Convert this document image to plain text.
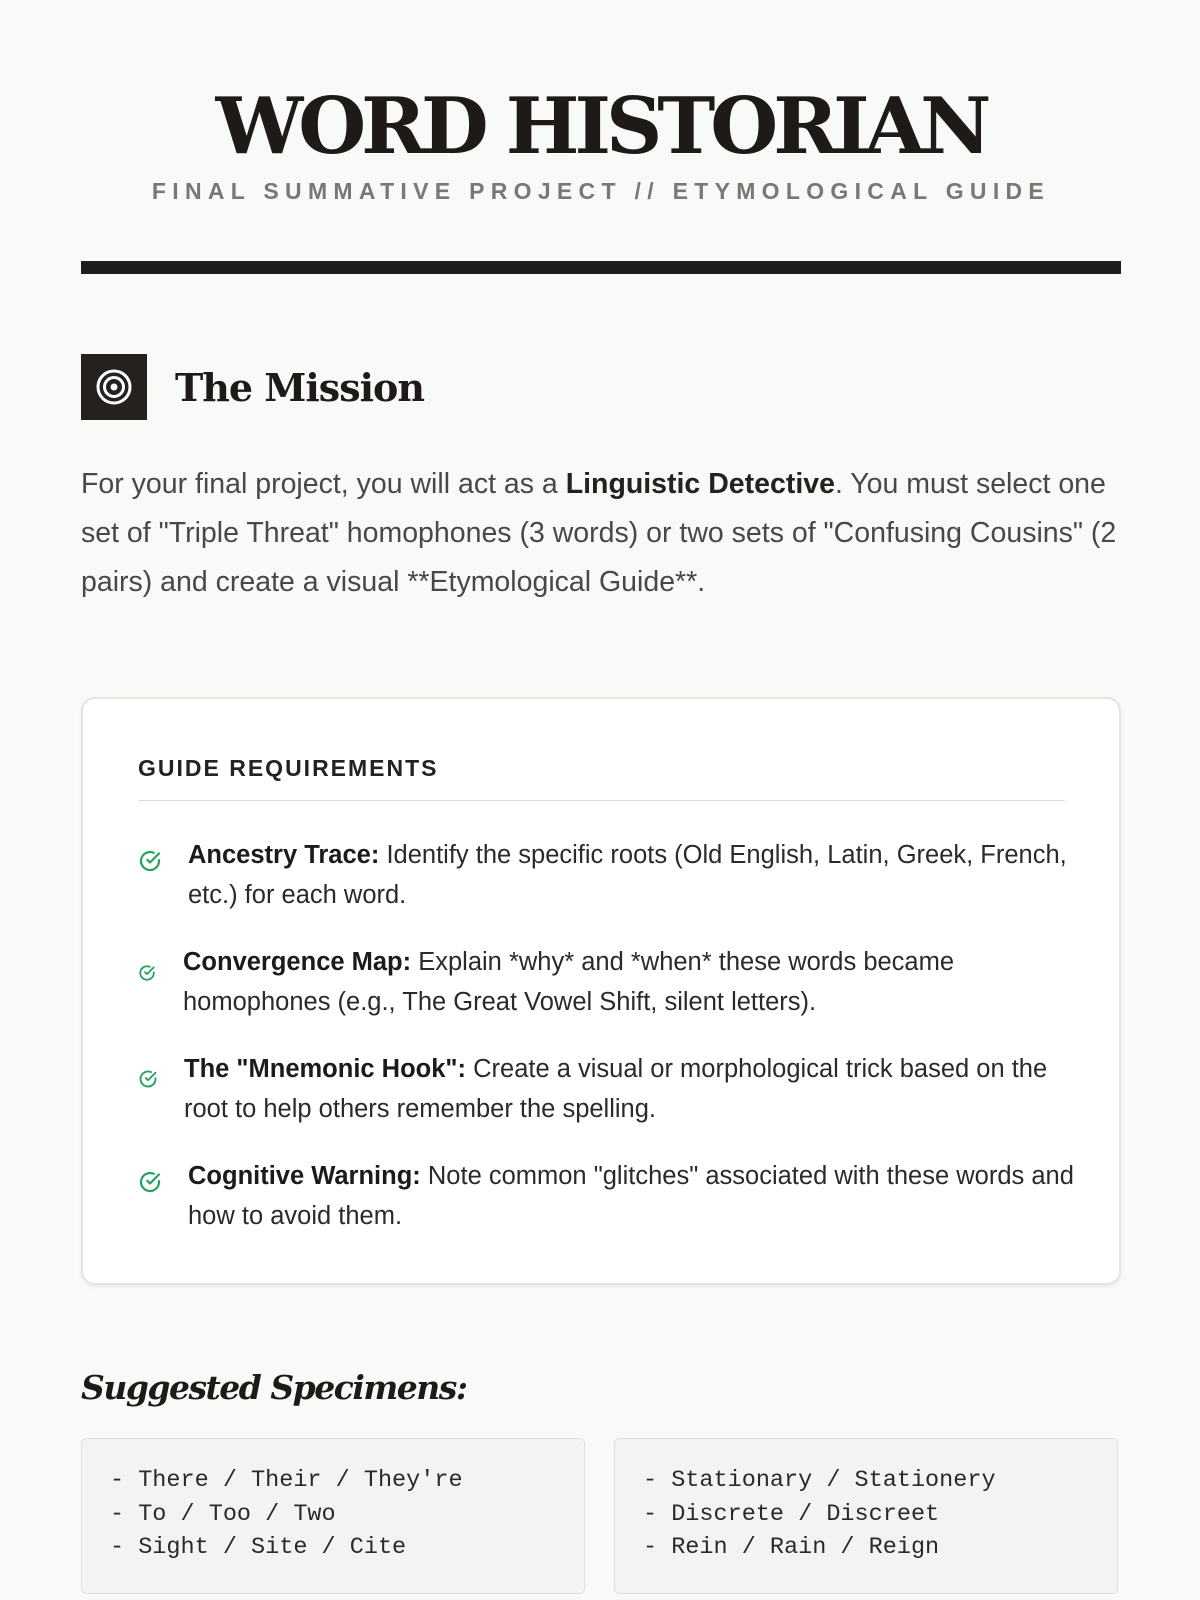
WORD HISTORIAN
FINAL SUMMATIVE PROJECT // ETYMOLOGICAL GUIDE
The Mission

For your final project, you will act as a Linguistic Detective. You must select one set of "Triple Threat" homophones (3 words) or two sets of "Confusing Cousins" (2 pairs) and create a visual **Etymological Guide**.

GUIDE REQUIREMENTS
Ancestry Trace: Identify the specific roots (Old English, Latin, Greek, French, etc.) for each word.
Convergence Map: Explain *why* and *when* these words became homophones (e.g., The Great Vowel Shift, silent letters).
The "Mnemonic Hook": Create a visual or morphological trick based on the root to help others remember the spelling.
Cognitive Warning: Note common "glitches" associated with these words and how to avoid them.
Suggested Specimens:
- There / Their / They're
- To / Too / Two
- Sight / Site / Cite
- Stationary / Stationery
- Discrete / Discreet
- Rein / Rain / Reign
